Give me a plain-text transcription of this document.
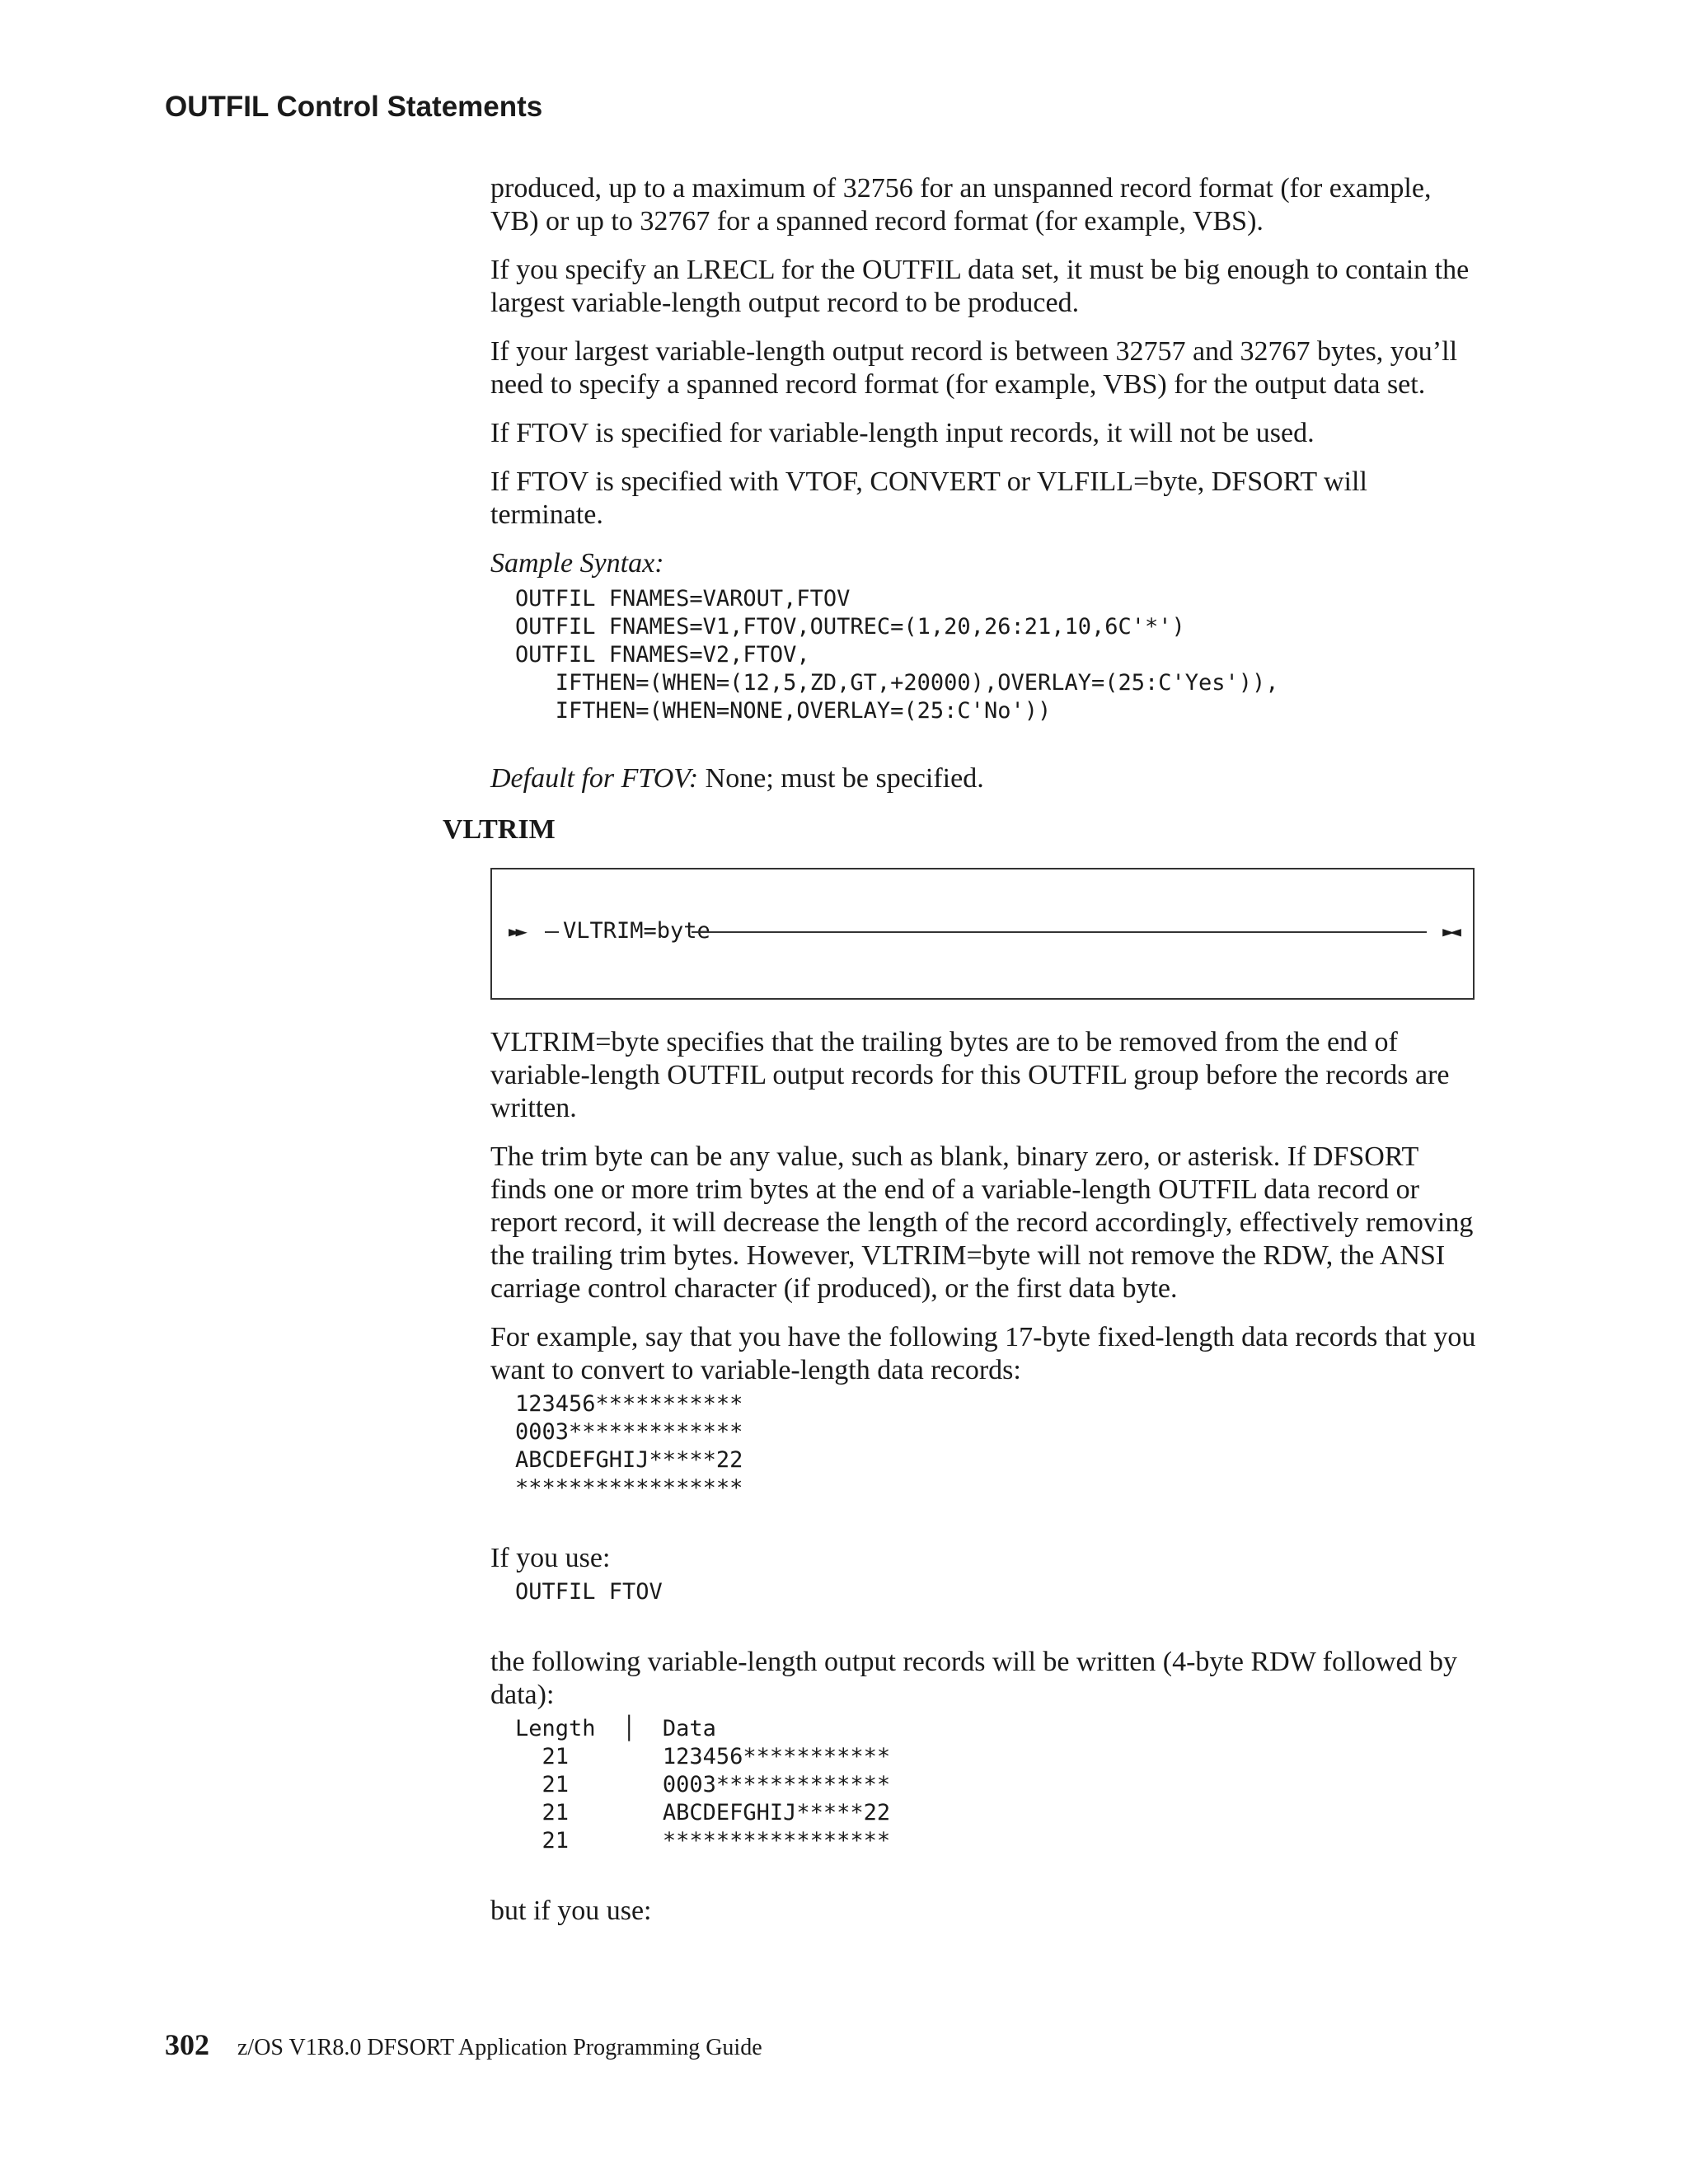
OUTFIL Control Statements

produced, up to a maximum of 32756 for an unspanned record format (for example, VB) or up to 32767 for a spanned record format (for example, VBS).

If you specify an LRECL for the OUTFIL data set, it must be big enough to contain the largest variable-length output record to be produced.

If your largest variable-length output record is between 32757 and 32767 bytes, you’ll need to specify a spanned record format (for example, VBS) for the output data set.

If FTOV is specified for variable-length input records, it will not be used.

If FTOV is specified with VTOF, CONVERT or VLFILL=byte, DFSORT will terminate.

Sample Syntax:

OUTFIL FNAMES=VAROUT,FTOV
OUTFIL FNAMES=V1,FTOV,OUTREC=(1,20,26:21,10,6C'*')
OUTFIL FNAMES=V2,FTOV,
IFTHEN=(WHEN=(12,5,ZD,GT,+20000),OVERLAY=(25:C'Yes')),
IFTHEN=(WHEN=NONE,OVERLAY=(25:C'No'))

Default for FTOV: None; must be specified.

VLTRIM
►► VLTRIM=byte	►◄

VLTRIM=byte specifies that the trailing bytes are to be removed from the end of variable-length OUTFIL output records for this OUTFIL group before the records are written.

The trim byte can be any value, such as blank, binary zero, or asterisk. If DFSORT finds one or more trim bytes at the end of a variable-length OUTFIL data record or report record, it will decrease the length of the record accordingly, effectively removing the trailing trim bytes. However, VLTRIM=byte will not remove the RDW, the ANSI carriage control character (if produced), or the first data byte.

For example, say that you have the following 17-byte fixed-length data records that you want to convert to variable-length data records:

123456***********
0003*************
ABCDEFGHIJ*****22
*****************

If you use:

OUTFIL FTOV

the following variable-length output records will be written (4-byte RDW followed by data):

Length │ Data
21	123456***********
21	0003*************
21	ABCDEFGHIJ*****22
21	*****************

but if you use:

302 z/OS V1R8.0 DFSORT Application Programming Guide
